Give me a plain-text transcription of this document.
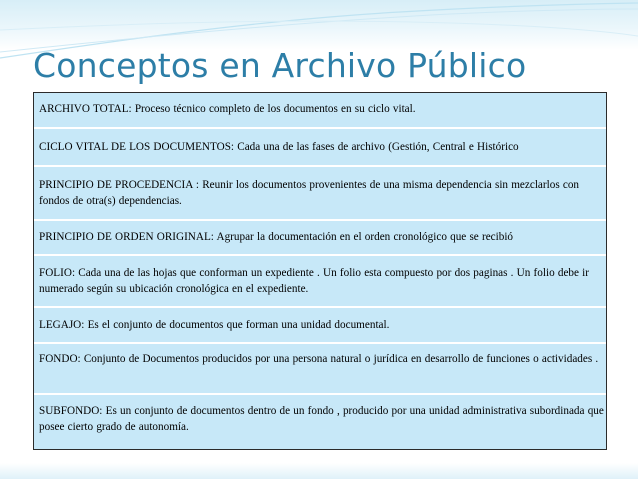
Conceptos en Archivo Público
ARCHIVO TOTAL: Proceso técnico completo de los documentos en su ciclo vital.
CICLO VITAL DE LOS DOCUMENTOS: Cada una de las fases de archivo (Gestión, Central e Histórico
PRINCIPIO DE PROCEDENCIA : Reunir los documentos provenientes de una misma dependencia sin mezclarlos con fondos de otra(s) dependencias.
PRINCIPIO DE ORDEN ORIGINAL: Agrupar la documentación en el orden cronológico que se recibió
FOLIO: Cada una de las hojas que conforman un expediente . Un folio esta compuesto por dos paginas . Un folio debe ir numerado según su ubicación cronológica en el expediente.
LEGAJO: Es el conjunto de documentos que forman una unidad documental.
FONDO: Conjunto de Documentos producidos por una persona natural o jurídica en desarrollo de funciones o actividades .
SUBFONDO: Es un conjunto de documentos dentro de un fondo , producido por una unidad administrativa subordinada que posee cierto grado de autonomía.
